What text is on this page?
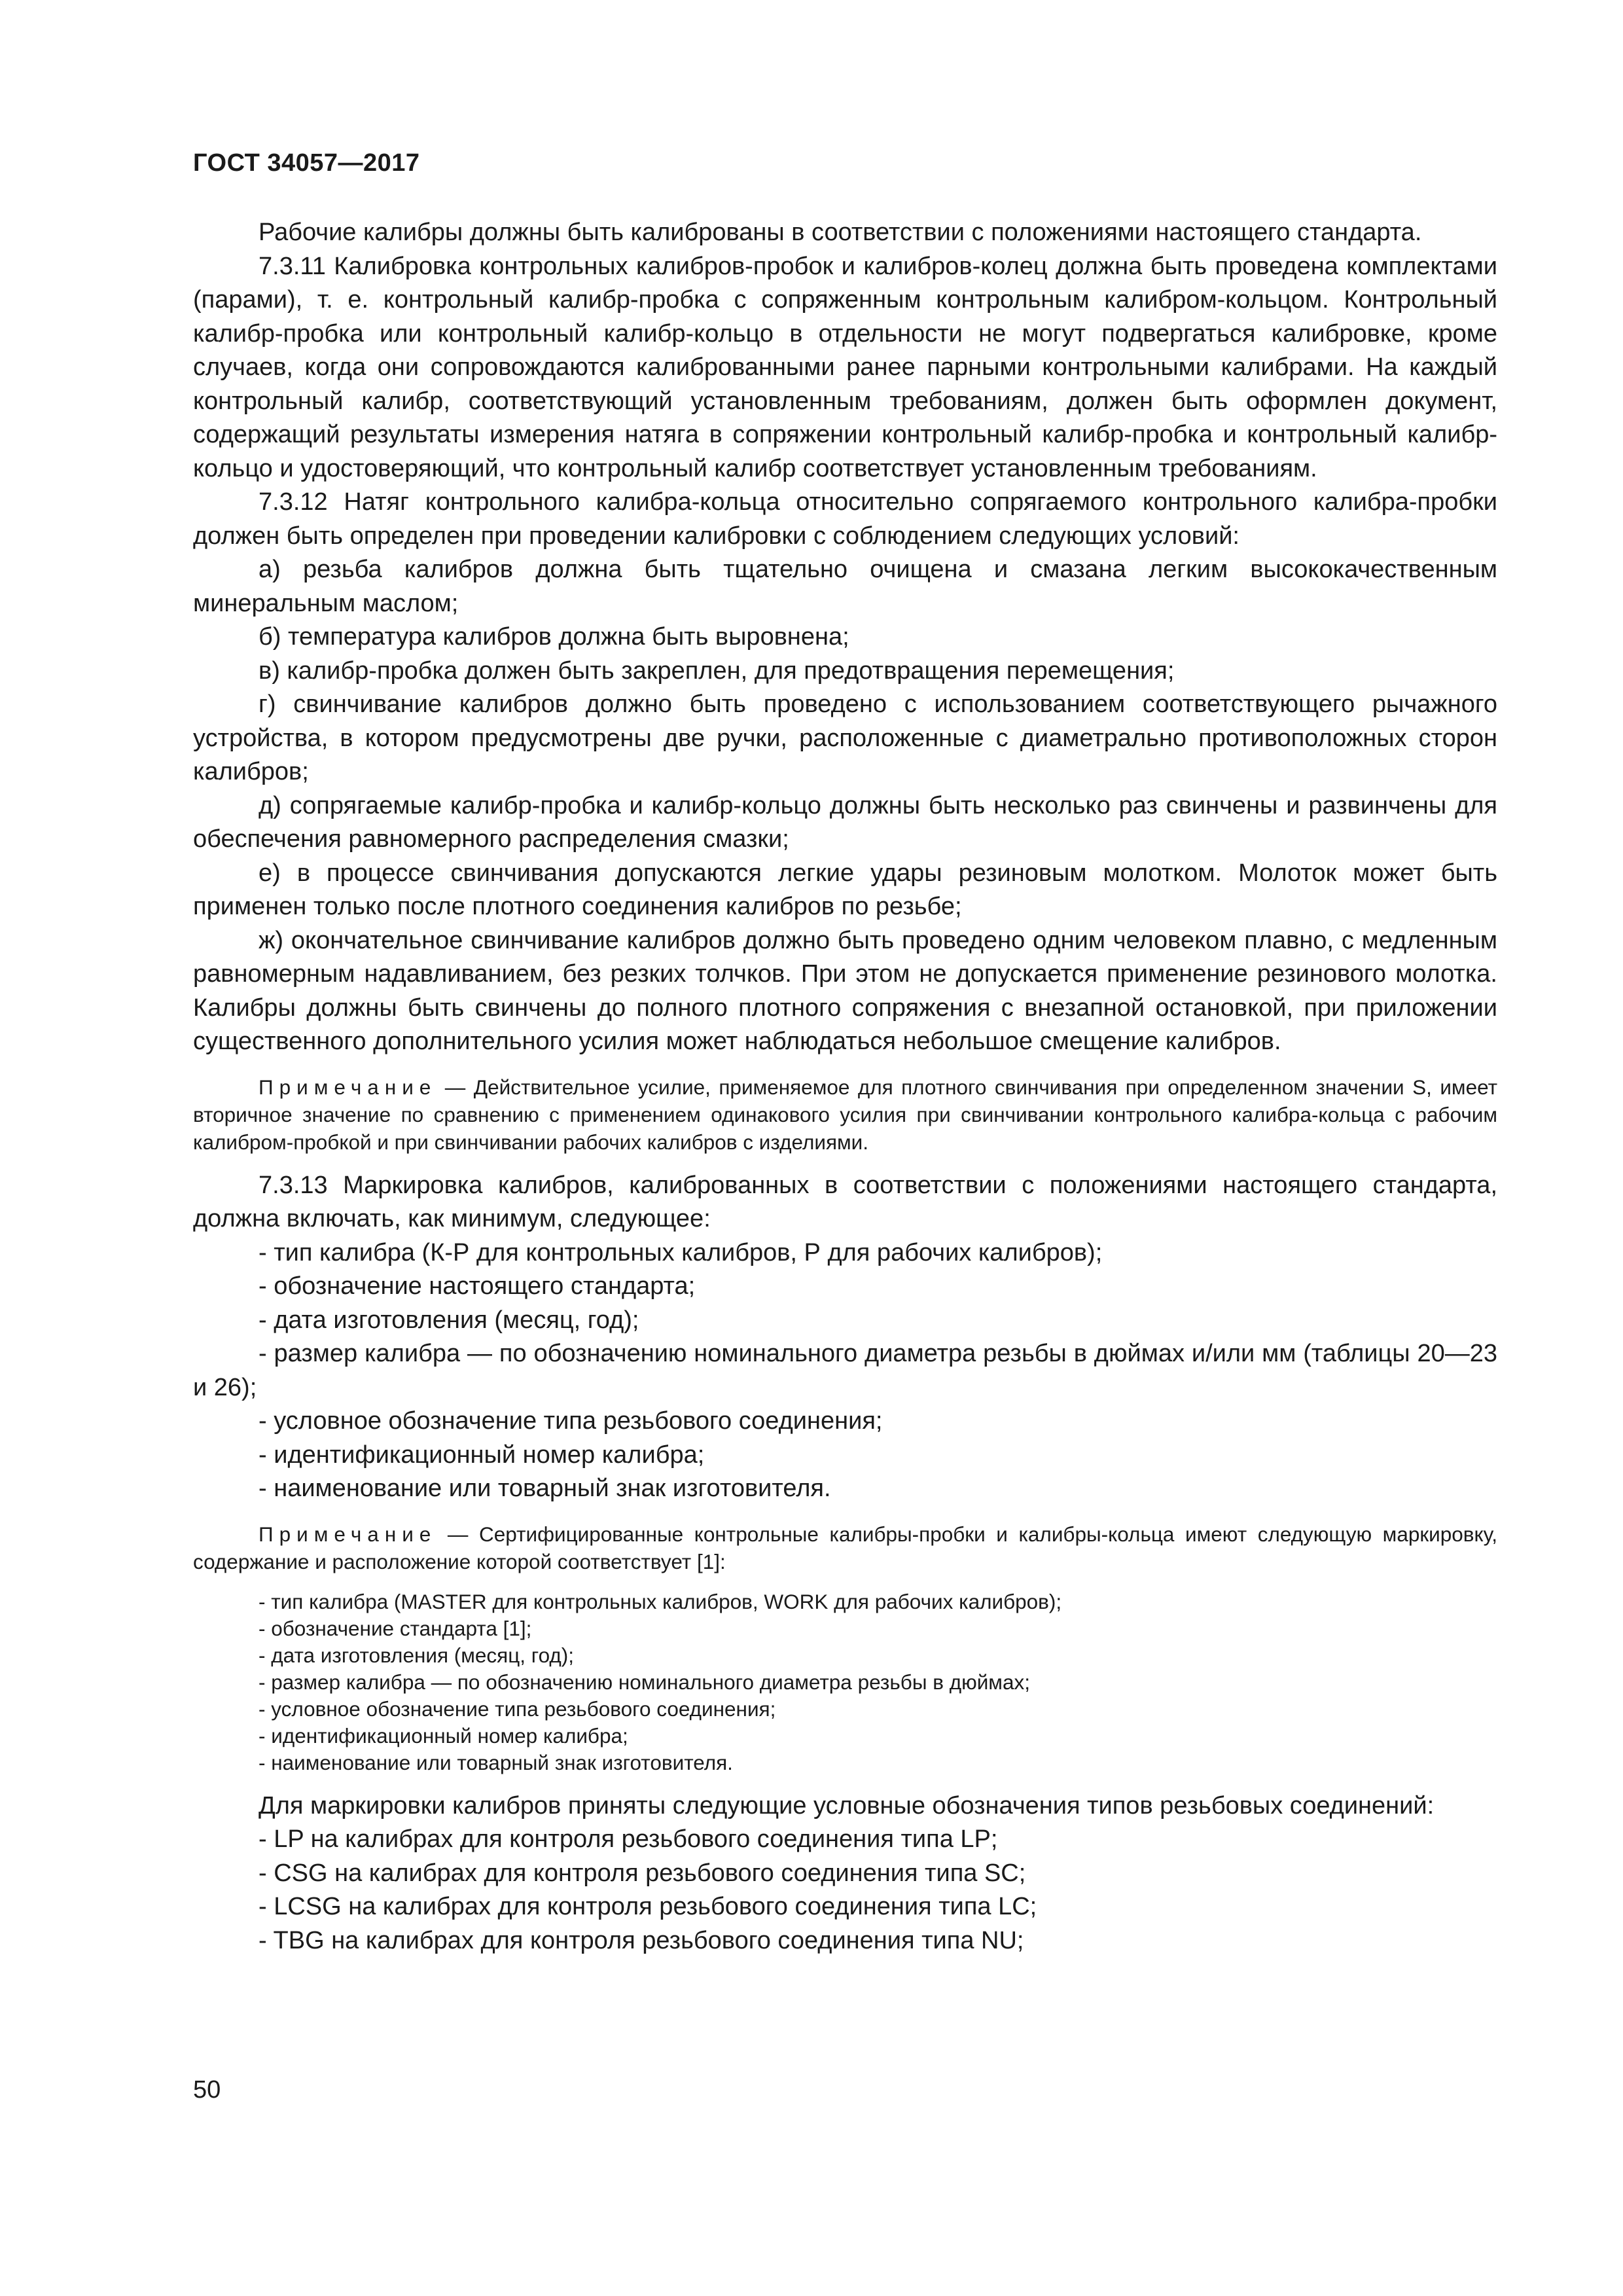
ГОСТ 34057—2017

Рабочие калибры должны быть калиброваны в соответствии с положениями настоящего стандарта.

7.3.11 Калибровка контрольных калибров-пробок и калибров-колец должна быть проведена комплектами (парами), т. е. контрольный калибр-пробка с сопряженным контрольным калибром-кольцом. Контрольный калибр-пробка или контрольный калибр-кольцо в отдельности не могут подвергаться калибровке, кроме случаев, когда они сопровождаются калиброванными ранее парными контрольными калибрами. На каждый контрольный калибр, соответствующий установленным требованиям, должен быть оформлен документ, содержащий результаты измерения натяга в сопряжении контрольный калибр-пробка и контрольный калибр-кольцо и удостоверяющий, что контрольный калибр соответствует установленным требованиям.

7.3.12 Натяг контрольного калибра-кольца относительно сопрягаемого контрольного калибра-пробки должен быть определен при проведении калибровки с соблюдением следующих условий:

а) резьба калибров должна быть тщательно очищена и смазана легким высококачественным минеральным маслом;

б) температура калибров должна быть выровнена;

в) калибр-пробка должен быть закреплен, для предотвращения перемещения;

г) свинчивание калибров должно быть проведено с использованием соответствующего рычажного устройства, в котором предусмотрены две ручки, расположенные с диаметрально противоположных сторон калибров;

д) сопрягаемые калибр-пробка и калибр-кольцо должны быть несколько раз свинчены и развинчены для обеспечения равномерного распределения смазки;

е) в процессе свинчивания допускаются легкие удары резиновым молотком. Молоток может быть применен только после плотного соединения калибров по резьбе;

ж) окончательное свинчивание калибров должно быть проведено одним человеком плавно, с медленным равномерным надавливанием, без резких толчков. При этом не допускается применение резинового молотка. Калибры должны быть свинчены до полного плотного сопряжения с внезапной остановкой, при приложении существенного дополнительного усилия может наблюдаться небольшое смещение калибров.

Примечание — Действительное усилие, применяемое для плотного свинчивания при определенном значении S, имеет вторичное значение по сравнению с применением одинакового усилия при свинчивании контрольного калибра-кольца с рабочим калибром-пробкой и при свинчивании рабочих калибров с изделиями.

7.3.13 Маркировка калибров, калиброванных в соответствии с положениями настоящего стандарта, должна включать, как минимум, следующее:

- тип калибра (К-Р для контрольных калибров, Р для рабочих калибров);

- обозначение настоящего стандарта;

- дата изготовления (месяц, год);

- размер калибра — по обозначению номинального диаметра резьбы в дюймах и/или мм (таблицы 20—23 и 26);

- условное обозначение типа резьбового соединения;

- идентификационный номер калибра;

- наименование или товарный знак изготовителя.

Примечание — Сертифицированные контрольные калибры-пробки и калибры-кольца имеют следующую маркировку, содержание и расположение которой соответствует [1]:

- тип калибра (MASTER для контрольных калибров, WORK для рабочих калибров);

- обозначение стандарта [1];

- дата изготовления (месяц, год);

- размер калибра — по обозначению номинального диаметра резьбы в дюймах;

- условное обозначение типа резьбового соединения;

- идентификационный номер калибра;

- наименование или товарный знак изготовителя.

Для маркировки калибров приняты следующие условные обозначения типов резьбовых соединений:

- LP на калибрах для контроля резьбового соединения типа LP;

- CSG на калибрах для контроля резьбового соединения типа SC;

- LCSG на калибрах для контроля резьбового соединения типа LC;

- TBG на калибрах для контроля резьбового соединения типа NU;

50
